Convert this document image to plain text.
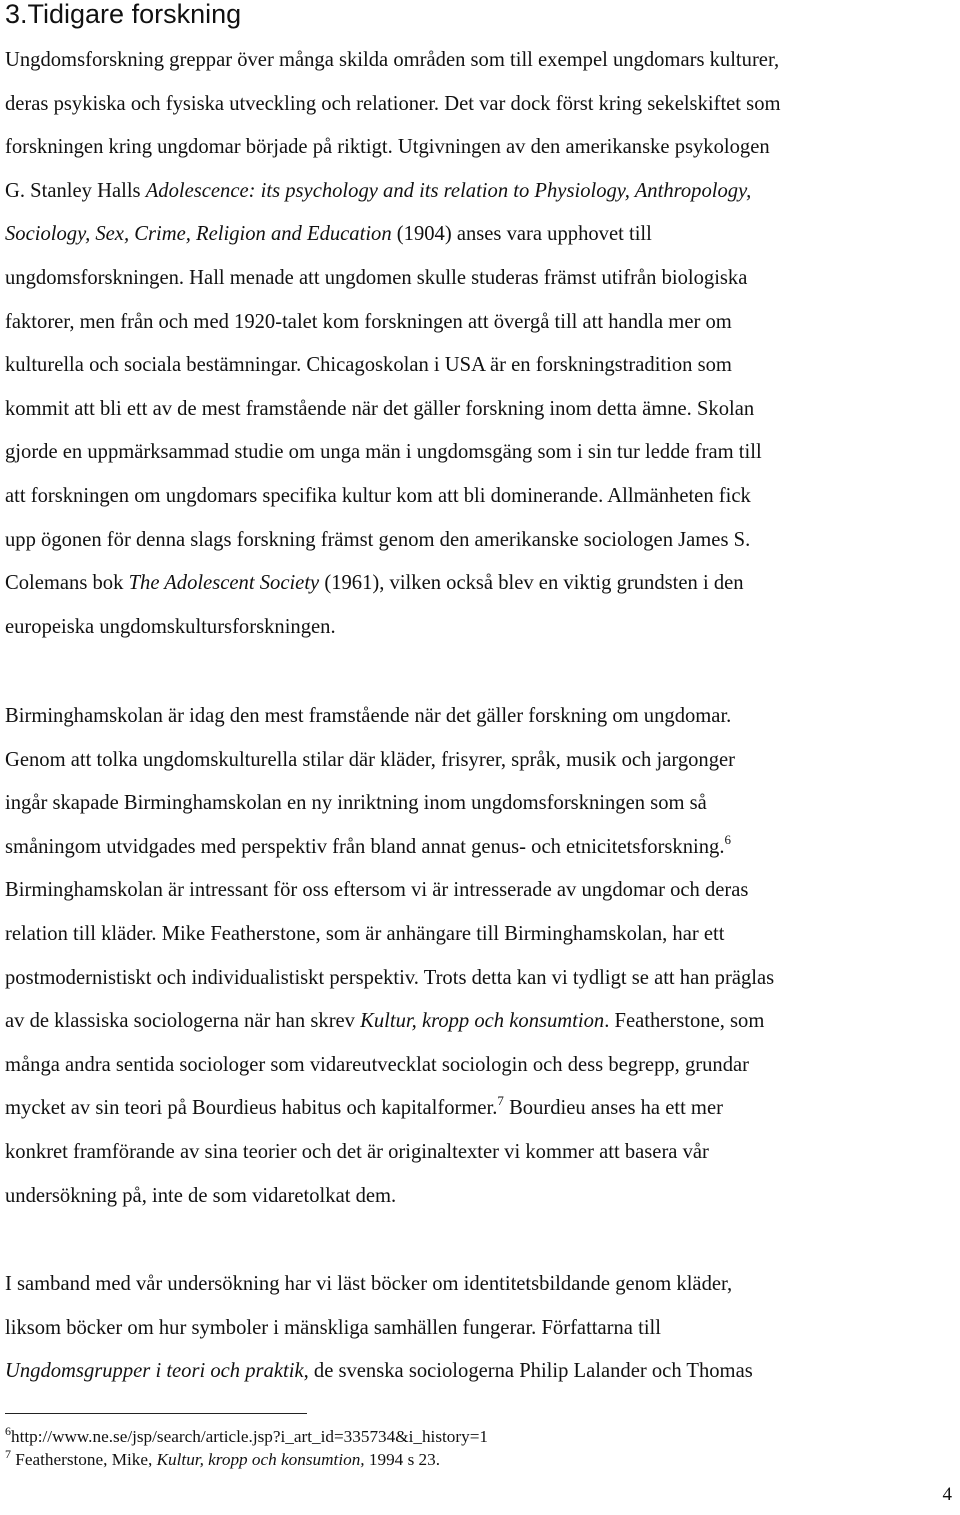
3.Tidigare forskning
Ungdomsforskning greppar över många skilda områden som till exempel ungdomars kulturer,
deras psykiska och fysiska utveckling och relationer. Det var dock först kring sekelskiftet som
forskningen kring ungdomar började på riktigt. Utgivningen av den amerikanske psykologen
G. Stanley Halls Adolescence: its psychology and its relation to Physiology, Anthropology,
Sociology, Sex, Crime, Religion and Education (1904) anses vara upphovet till
ungdomsforskningen. Hall menade att ungdomen skulle studeras främst utifrån biologiska
faktorer, men från och med 1920-talet kom forskningen att övergå till att handla mer om
kulturella och sociala bestämningar. Chicagoskolan i USA är en forskningstradition som
kommit att bli ett av de mest framstående när det gäller forskning inom detta ämne. Skolan
gjorde en uppmärksammad studie om unga män i ungdomsgäng som i sin tur ledde fram till
att forskningen om ungdomars specifika kultur kom att bli dominerande. Allmänheten fick
upp ögonen för denna slags forskning främst genom den amerikanske sociologen James S.
Colemans bok The Adolescent Society (1961), vilken också blev en viktig grundsten i den
europeiska ungdomskultursforskningen.
Birminghamskolan är idag den mest framstående när det gäller forskning om ungdomar.
Genom att tolka ungdomskulturella stilar där kläder, frisyrer, språk, musik och jargonger
ingår skapade Birminghamskolan en ny inriktning inom ungdomsforskningen som så
småningom utvidgades med perspektiv från bland annat genus- och etnicitetsforskning.$^6$
Birminghamskolan är intressant för oss eftersom vi är intresserade av ungdomar och deras
relation till kläder. Mike Featherstone, som är anhängare till Birminghamskolan, har ett
postmodernistiskt och individualistiskt perspektiv. Trots detta kan vi tydligt se att han präglas
av de klassiska sociologerna när han skrev Kultur, kropp och konsumtion. Featherstone, som
många andra sentida sociologer som vidareutvecklat sociologin och dess begrepp, grundar
mycket av sin teori på Bourdieus habitus och kapitalformer.$^7$ Bourdieu anses ha ett mer
konkret framförande av sina teorier och det är originaltexter vi kommer att basera vår
undersökning på, inte de som vidaretolkat dem.
I samband med vår undersökning har vi läst böcker om identitetsbildande genom kläder,
liksom böcker om hur symboler i mänskliga samhällen fungerar. Författarna till
Ungdomsgrupper i teori och praktik, de svenska sociologerna Philip Lalander och Thomas
$^6$http://www.ne.se/jsp/search/article.jsp?i_art_id=335734&i_history=1
$^7$ Featherstone, Mike, Kultur, kropp och konsumtion, 1994 s 23.
4
